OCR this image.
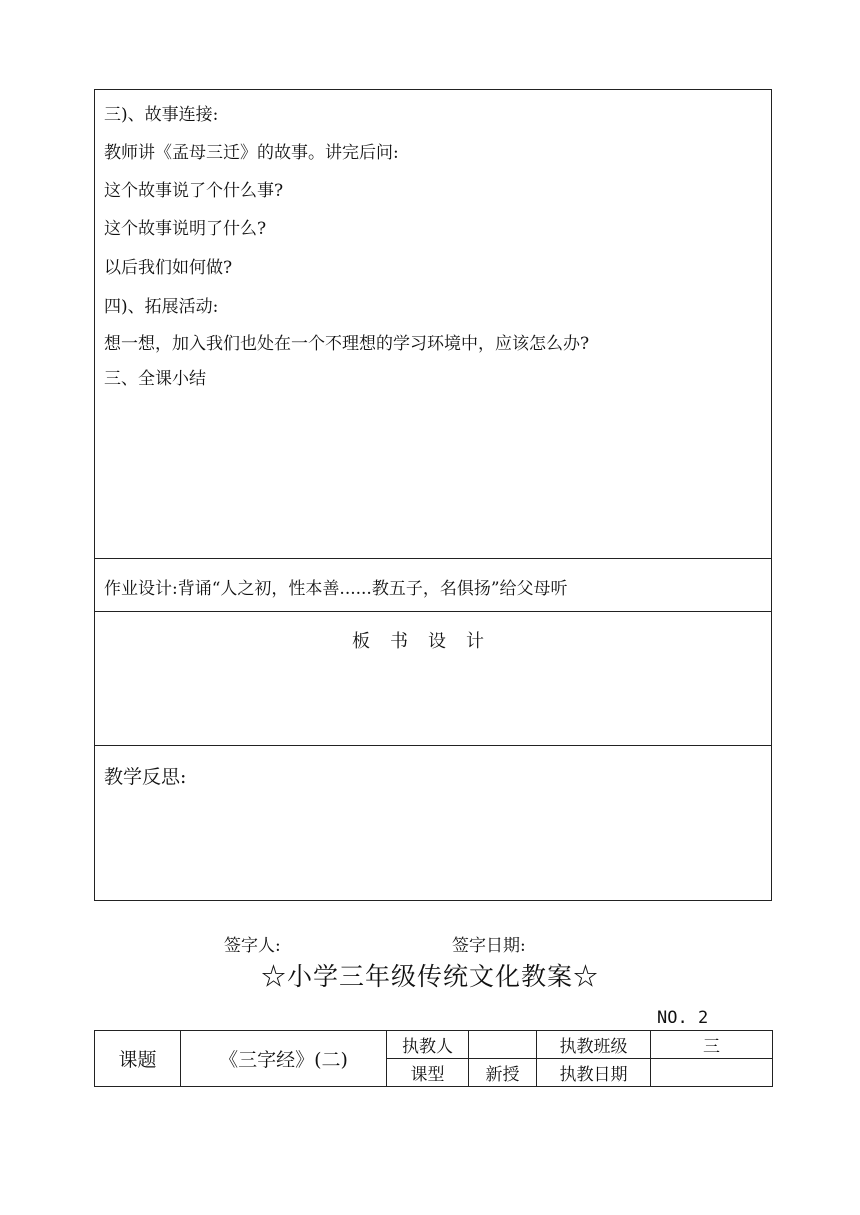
三)、故事连接:
教师讲《孟母三迁》的故事。讲完后问:
这个故事说了个什么事?
这个故事说明了什么?
以后我们如何做?
四)、拓展活动:
想一想，加入我们也处在一个不理想的学习环境中，应该怎么办?
三、全课小结
作业设计:背诵“人之初，性本善......教五子，名俱扬”给父母听
板书设计
教学反思:
签字人:	签字日期:
☆小学三年级传统文化教案☆
NO. 2
课题	《三字经》(二)	执教人		执教班级	三
		课型	新授	执教日期	
